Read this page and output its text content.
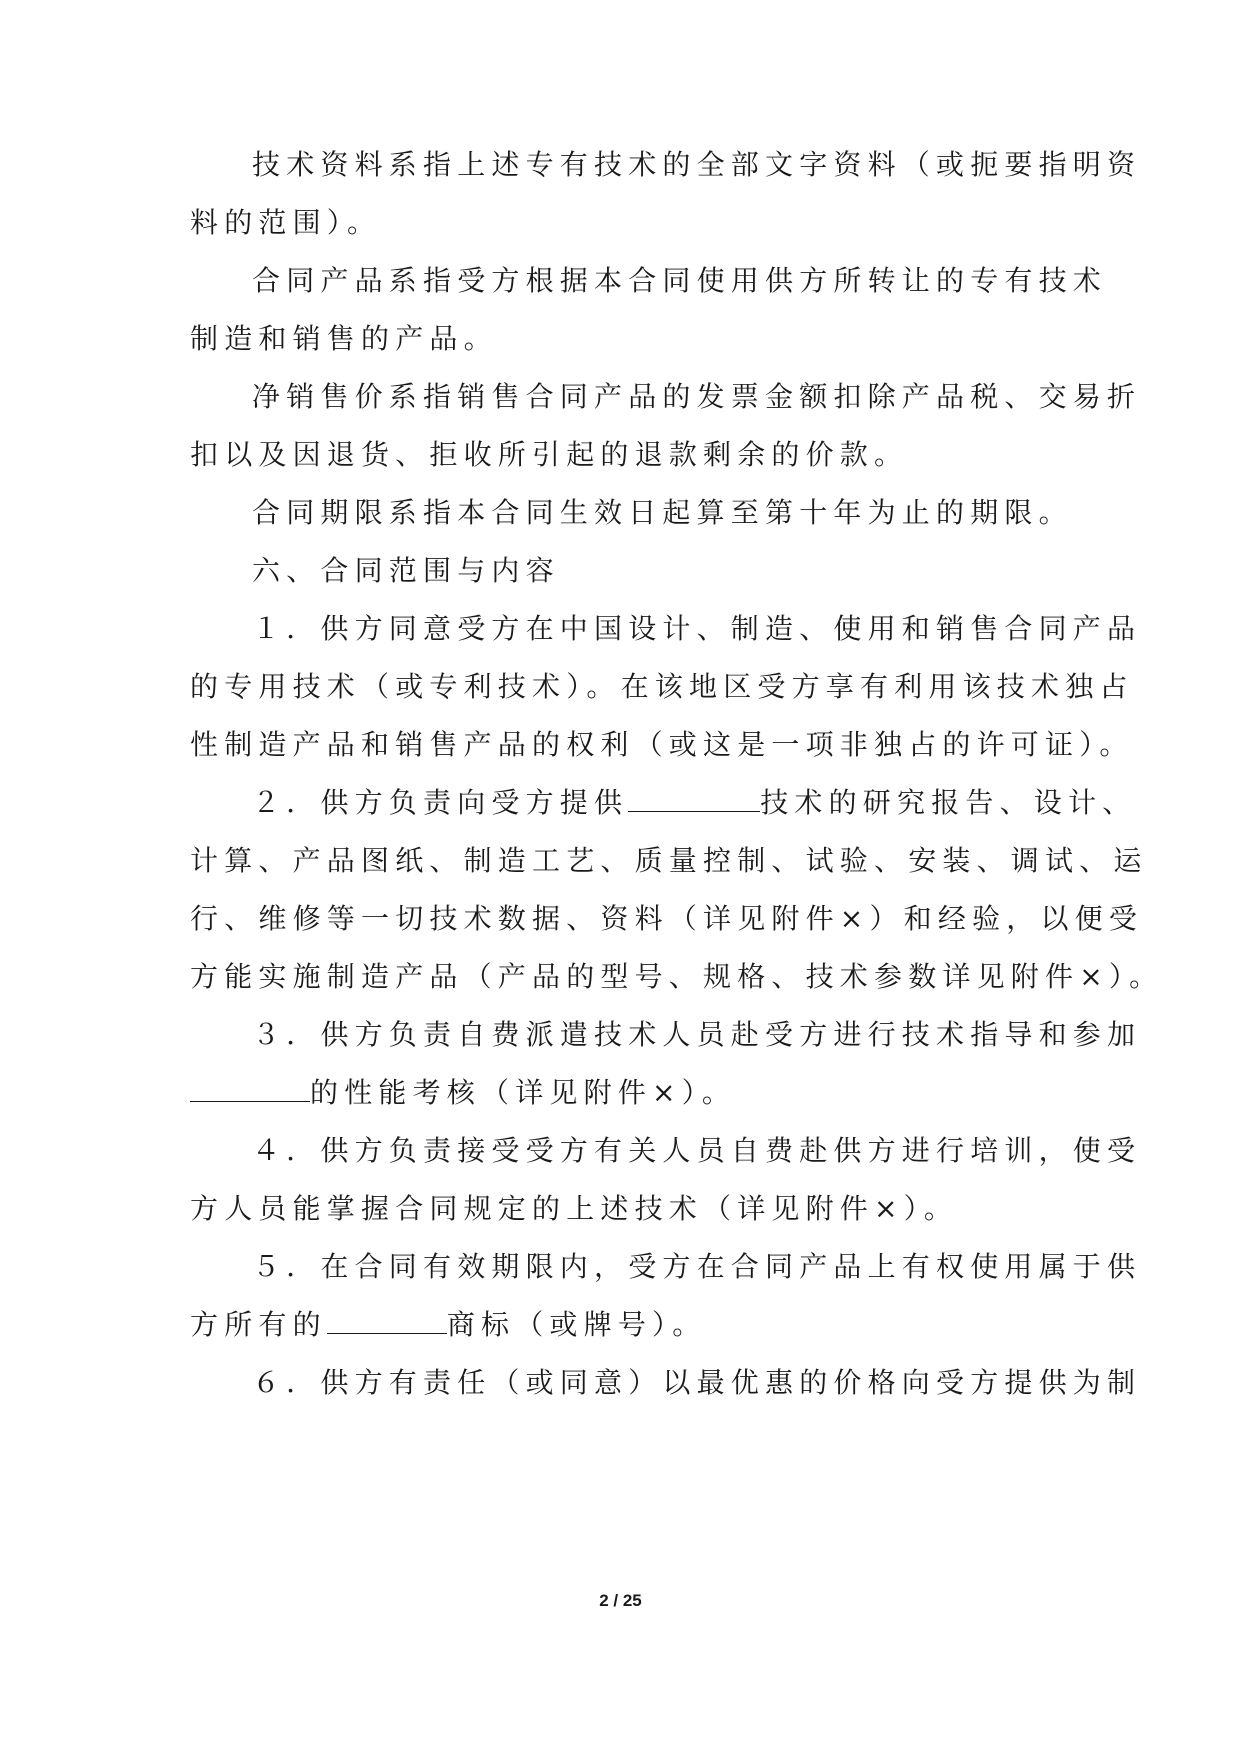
技术资料系指上述专有技术的全部文字资料（或扼要指明资
料的范围）。
合同产品系指受方根据本合同使用供方所转让的专有技术
制造和销售的产品。
净销售价系指销售合同产品的发票金额扣除产品税、交易折
扣以及因退货、拒收所引起的退款剩余的价款。
合同期限系指本合同生效日起算至第十年为止的期限。
六、合同范围与内容
１．供方同意受方在中国设计、制造、使用和销售合同产品
的专用技术（或专利技术）。在该地区受方享有利用该技术独占
性制造产品和销售产品的权利（或这是一项非独占的许可证）。
２．供方负责向受方提供	技术的研究报告、设计、
计算、产品图纸、制造工艺、质量控制、试验、安装、调试、运
行、维修等一切技术数据、资料（详见附件×）和经验，以便受
方能实施制造产品（产品的型号、规格、技术参数详见附件×）。
３．供方负责自费派遣技术人员赴受方进行技术指导和参加
的性能考核（详见附件×）。
４．供方负责接受受方有关人员自费赴供方进行培训，使受
方人员能掌握合同规定的上述技术（详见附件×）。
５．在合同有效期限内，受方在合同产品上有权使用属于供
方所有的	商标（或牌号）。
６．供方有责任（或同意）以最优惠的价格向受方提供为制
2 / 25
